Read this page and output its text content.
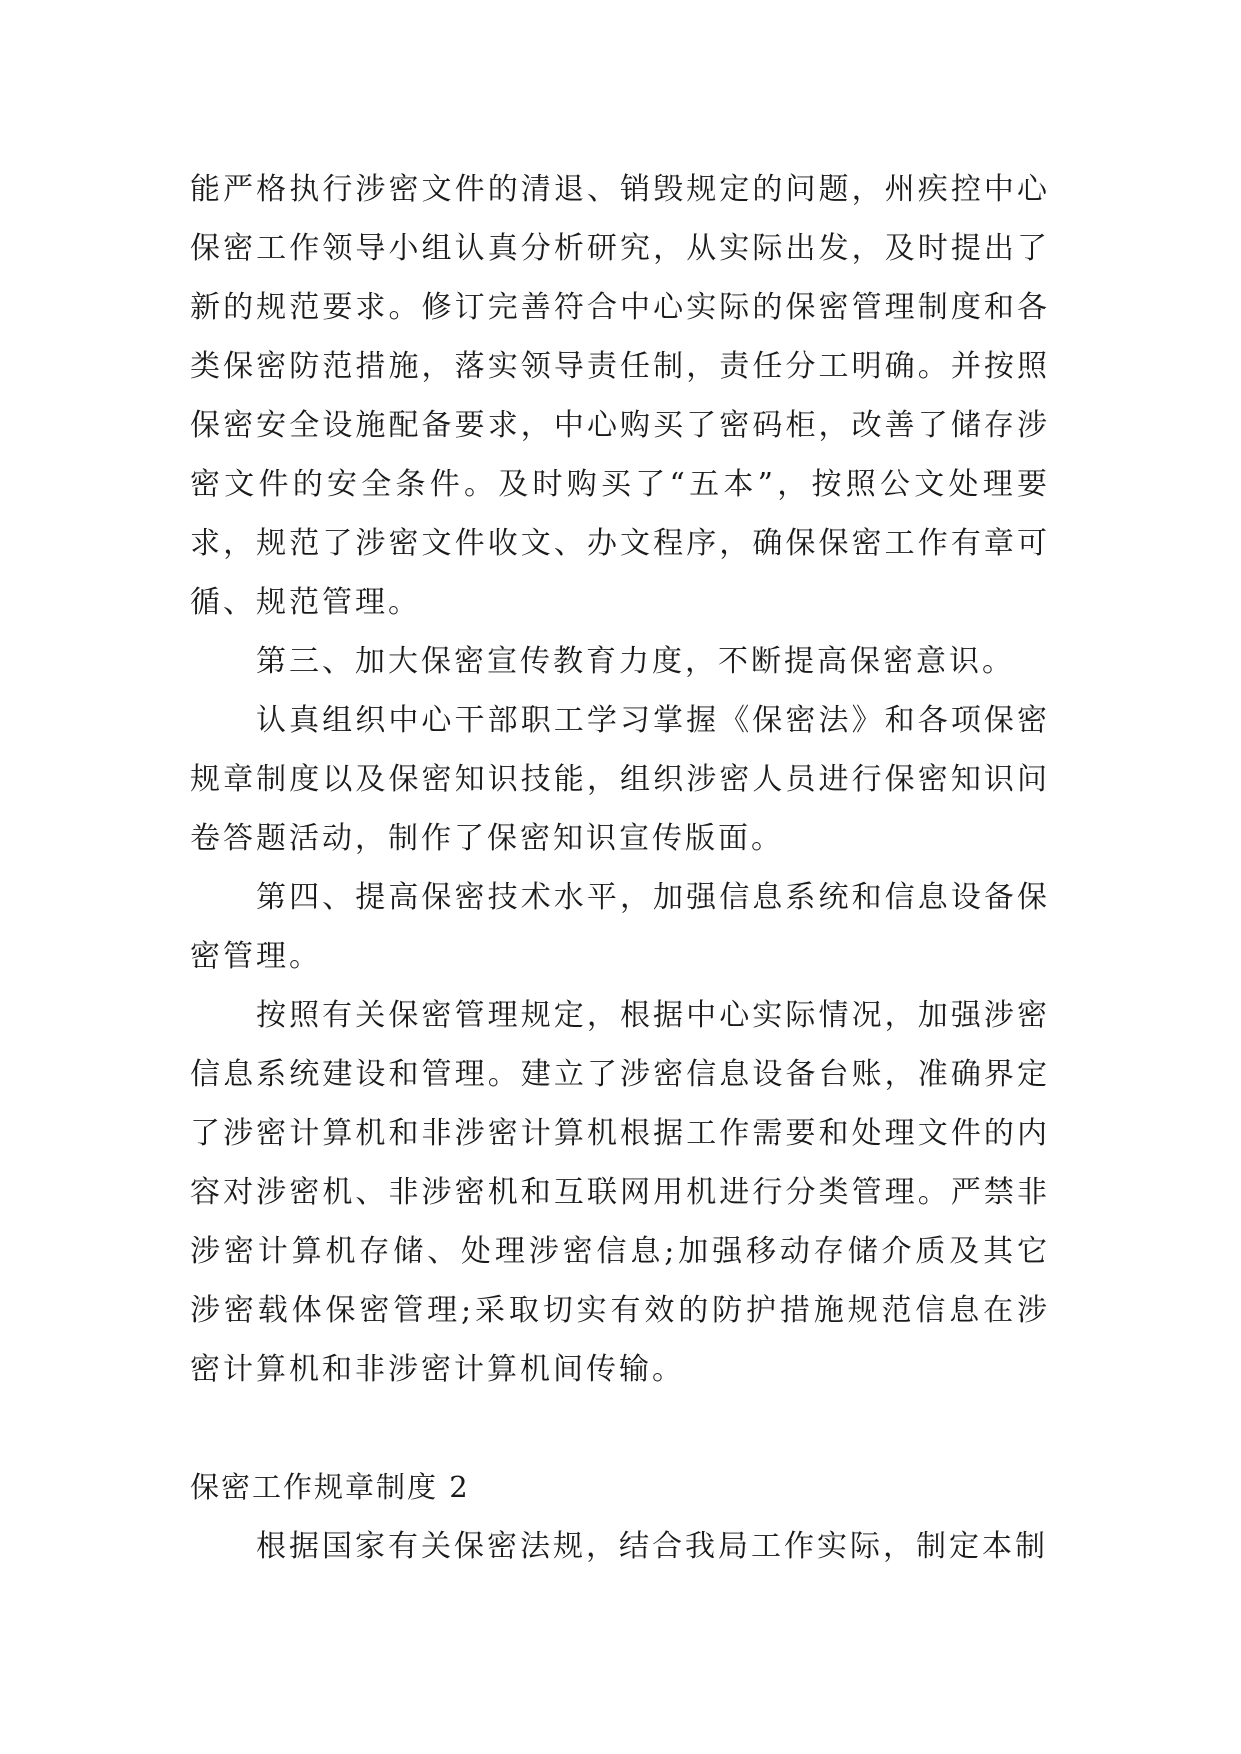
能严格执行涉密文件的清退、销毁规定的问题，州疾控中心保密工作领导小组认真分析研究，从实际出发，及时提出了新的规范要求。修订完善符合中心实际的保密管理制度和各类保密防范措施，落实领导责任制，责任分工明确。并按照保密安全设施配备要求，中心购买了密码柜，改善了储存涉密文件的安全条件。及时购买了“五本”，按照公文处理要求，规范了涉密文件收文、办文程序，确保保密工作有章可循、规范管理。

第三、加大保密宣传教育力度，不断提高保密意识。

认真组织中心干部职工学习掌握《保密法》和各项保密规章制度以及保密知识技能，组织涉密人员进行保密知识问卷答题活动，制作了保密知识宣传版面。

第四、提高保密技术水平，加强信息系统和信息设备保密管理。

按照有关保密管理规定，根据中心实际情况，加强涉密信息系统建设和管理。建立了涉密信息设备台账，准确界定了涉密计算机和非涉密计算机根据工作需要和处理文件的内容对涉密机、非涉密机和互联网用机进行分类管理。严禁非涉密计算机存储、处理涉密信息;加强移动存储介质及其它涉密载体保密管理;采取切实有效的防护措施规范信息在涉密计算机和非涉密计算机间传输。

保密工作规章制度 2

根据国家有关保密法规，结合我局工作实际，制定本制
